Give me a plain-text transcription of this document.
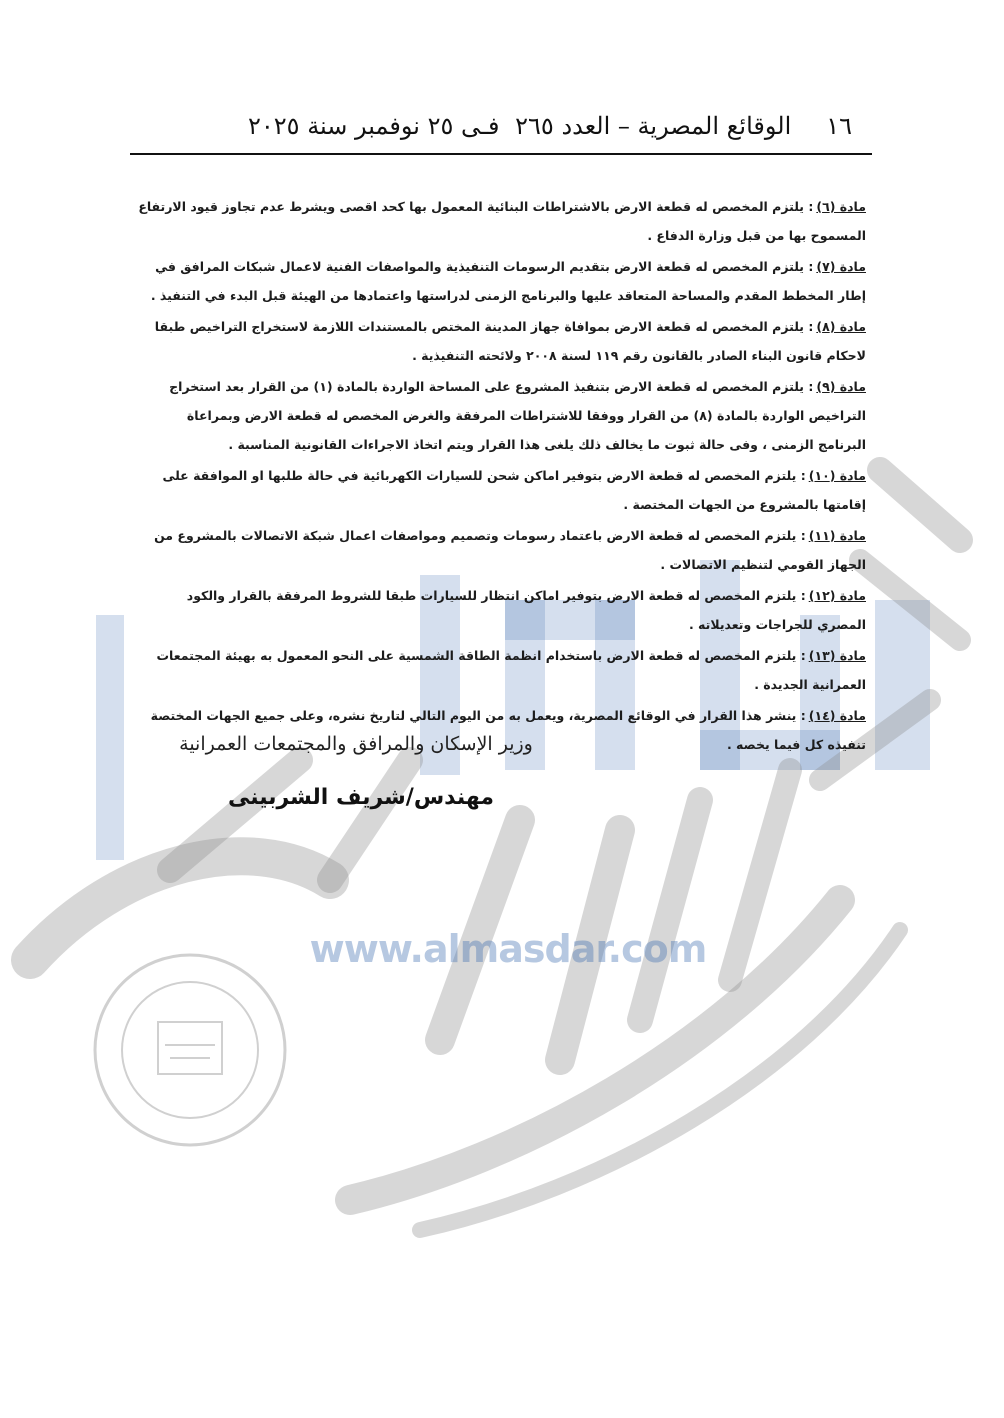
١٦
الوقائع المصرية – العدد ٢٦٥ فـى ٢٥ نوفمبر سنة ٢٠٢٥

مادة (٦): يلتزم المخصص له قطعة الارض بالاشتراطات البنائية المعمول بها كحد اقصى ويشرط عدم تجاوز قيود الارتفاع المسموح بها من قبل وزارة الدفاع .

مادة (٧): يلتزم المخصص له قطعة الارض بتقديم الرسومات التنفيذية والمواصفات الفنية لاعمال شبكات المرافق في إطار المخطط المقدم والمساحة المتعاقد عليها والبرنامج الزمنى لدراستها واعتمادها من الهيئة قبل البدء في التنفيذ .

مادة (٨): يلتزم المخصص له قطعة الارض بموافاة جهاز المدينة المختص بالمستندات اللازمة لاستخراج التراخيص طبقا لاحكام قانون البناء الصادر بالقانون رقم ١١٩ لسنة ٢٠٠٨ ولائحته التنفيذية .

مادة (٩): يلتزم المخصص له قطعة الارض بتنفيذ المشروع على المساحة الواردة بالمادة (١) من القرار بعد استخراج التراخيص الواردة بالمادة (٨) من القرار ووفقا للاشتراطات المرفقة والغرض المخصص له قطعة الارض وبمراعاة البرنامج الزمنى ، وفى حالة ثبوت ما يخالف ذلك يلغى هذا القرار ويتم اتخاذ الاجراءات القانونية المناسبة .

مادة (١٠): يلتزم المخصص له قطعة الارض بتوفير اماكن شحن للسيارات الكهربائية في حالة طلبها او الموافقة على إقامتها بالمشروع من الجهات المختصة .

مادة (١١): يلتزم المخصص له قطعة الارض باعتماد رسومات وتصميم ومواصفات اعمال شبكة الاتصالات بالمشروع من الجهاز القومي لتنظيم الاتصالات .

مادة (١٢): يلتزم المخصص له قطعة الارض بتوفير اماكن انتظار للسيارات طبقا للشروط المرفقة بالقرار والكود المصري للجراجات وتعديلاته .

مادة (١٣): يلتزم المخصص له قطعة الارض باستخدام انظمة الطاقة الشمسية على النحو المعمول به بهيئة المجتمعات العمرانية الجديدة .

مادة (١٤): ينشر هذا القرار في الوقائع المصرية، ويعمل به من اليوم التالي لتاريخ نشره، وعلى جميع الجهات المختصة تنفيذه كل فيما يخصه .

وزير الإسكان والمرافق والمجتمعات العمرانية
مهندس/شريف الشربينى
www.almasdar.com
